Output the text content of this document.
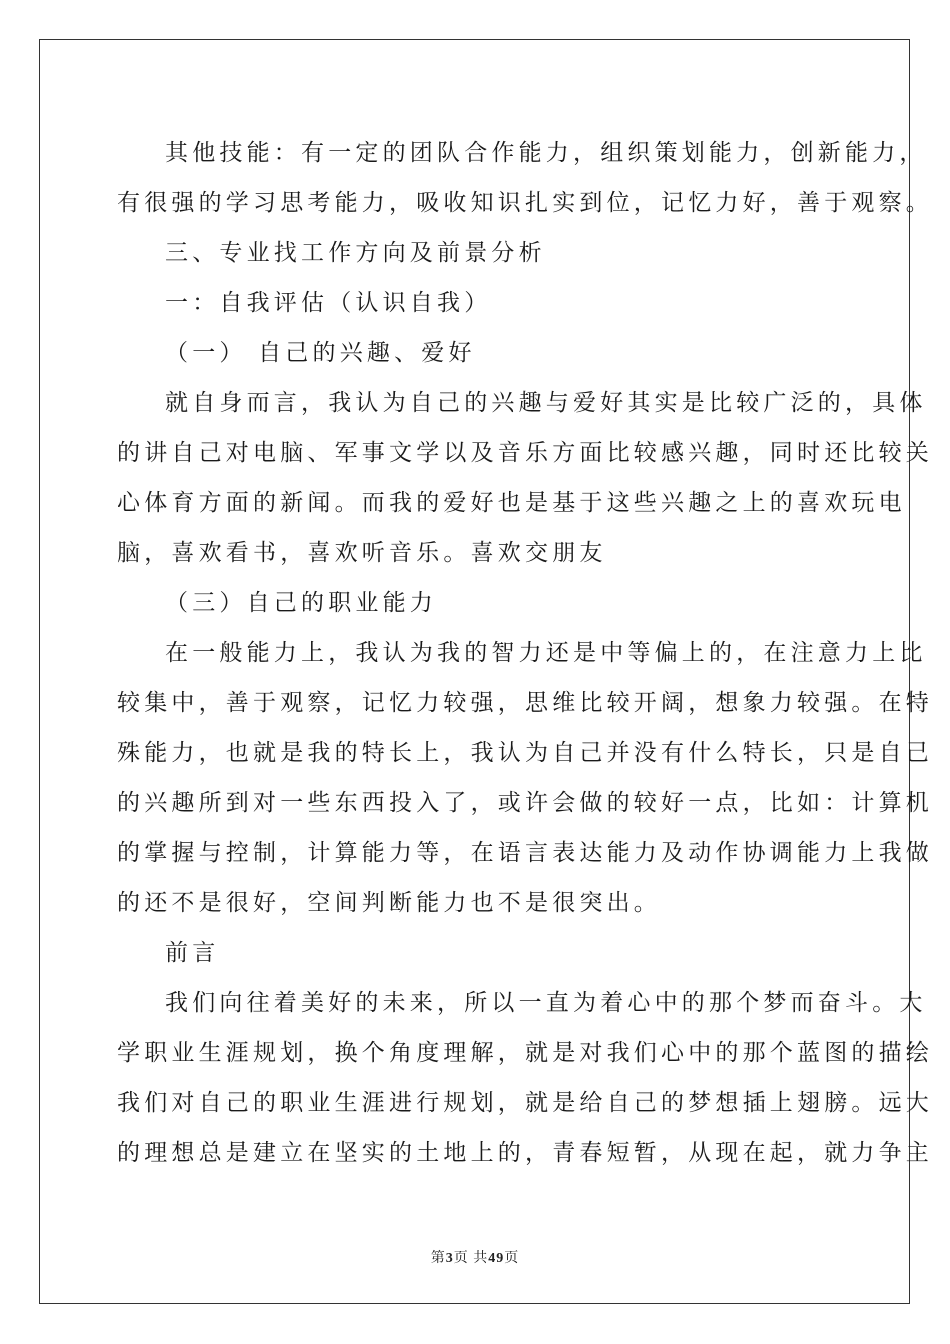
其他技能：有一定的团队合作能力，组织策划能力，创新能力，
有很强的学习思考能力，吸收知识扎实到位，记忆力好，善于观察。
三、专业找工作方向及前景分析
一：自我评估（认识自我）
（一） 自己的兴趣、爱好
就自身而言，我认为自己的兴趣与爱好其实是比较广泛的，具体
的讲自己对电脑、军事文学以及音乐方面比较感兴趣，同时还比较关
心体育方面的新闻。而我的爱好也是基于这些兴趣之上的喜欢玩电
脑，喜欢看书，喜欢听音乐。喜欢交朋友
（三）自己的职业能力
在一般能力上，我认为我的智力还是中等偏上的，在注意力上比
较集中，善于观察，记忆力较强，思维比较开阔，想象力较强。在特
殊能力，也就是我的特长上，我认为自己并没有什么特长，只是自己
的兴趣所到对一些东西投入了，或许会做的较好一点，比如：计算机
的掌握与控制，计算能力等，在语言表达能力及动作协调能力上我做
的还不是很好，空间判断能力也不是很突出。
前言
我们向往着美好的未来，所以一直为着心中的那个梦而奋斗。大
学职业生涯规划，换个角度理解，就是对我们心中的那个蓝图的描绘
我们对自己的职业生涯进行规划，就是给自己的梦想插上翅膀。远大
的理想总是建立在坚实的土地上的，青春短暂，从现在起，就力争主
第3页 共49页
